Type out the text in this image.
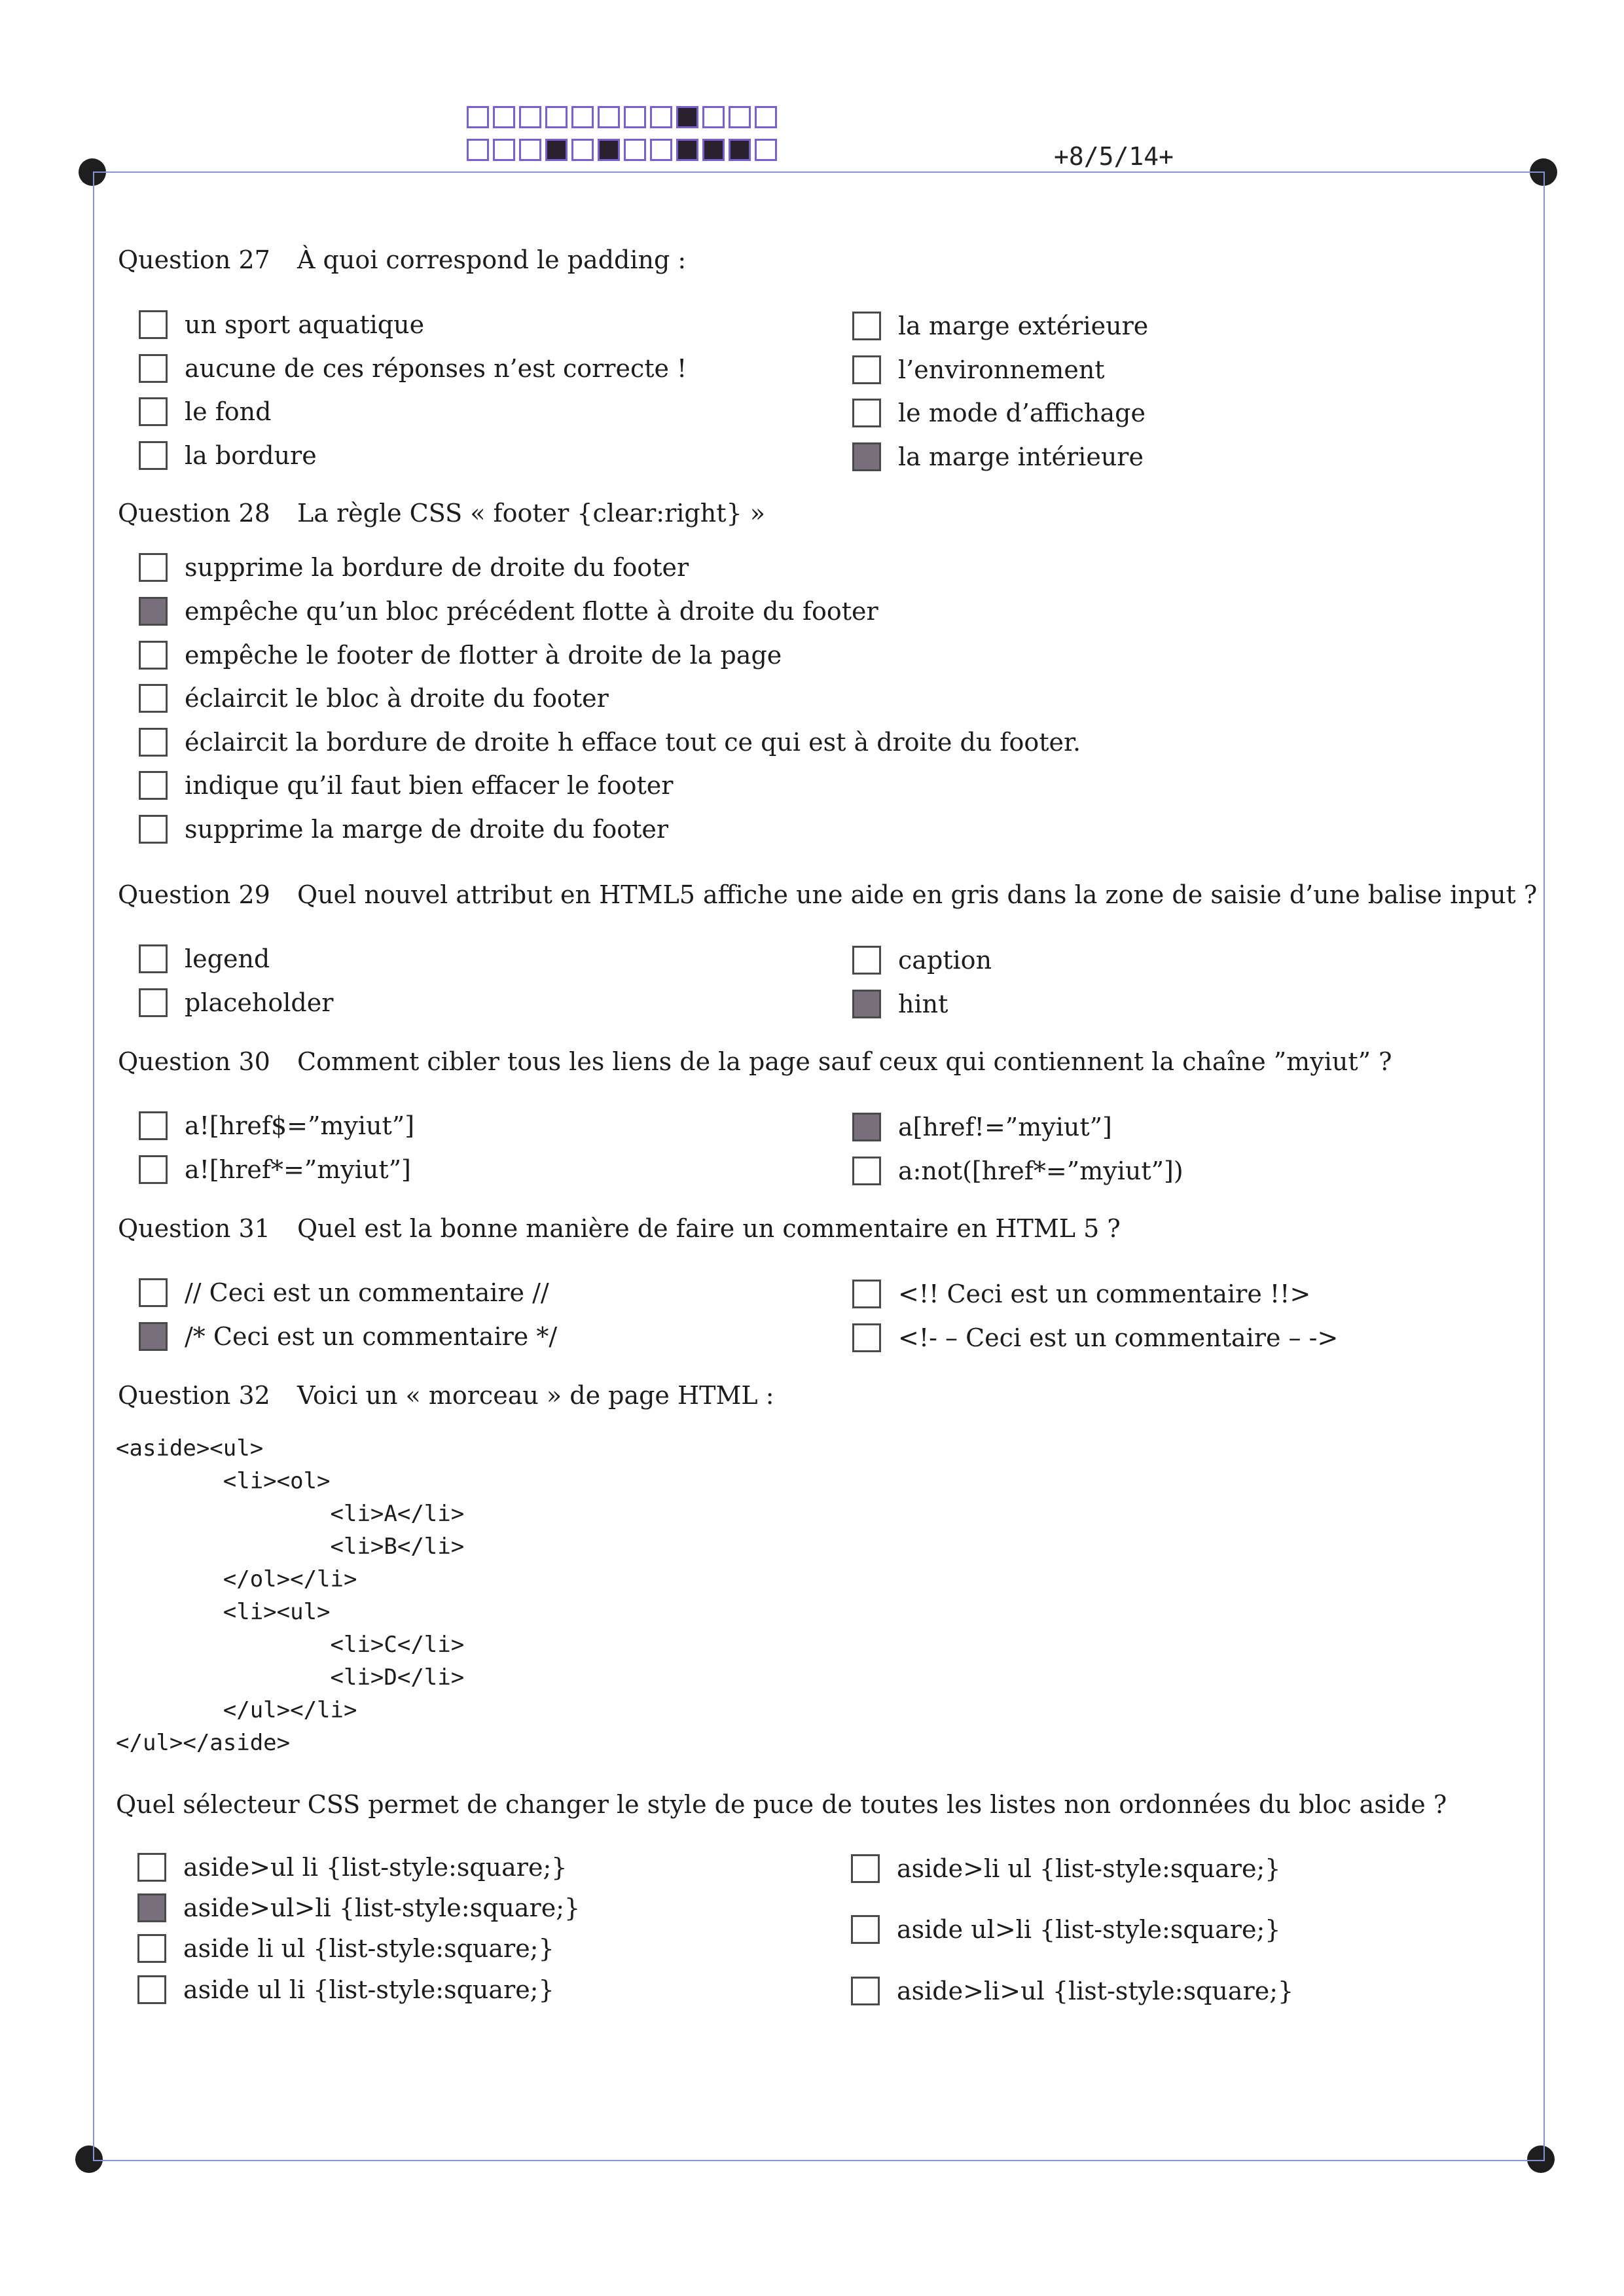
+8/5/14+
Question 27 À quoi correspond le padding :
un sport aquatique
aucune de ces réponses n’est correcte !
le fond
la bordure
la marge extérieure
l’environnement
le mode d’affichage
la marge intérieure
Question 28 La règle CSS « footer {clear:right} »
supprime la bordure de droite du footer
empêche qu’un bloc précédent flotte à droite du footer
empêche le footer de flotter à droite de la page
éclaircit le bloc à droite du footer
éclaircit la bordure de droite h efface tout ce qui est à droite du footer.
indique qu’il faut bien effacer le footer
supprime la marge de droite du footer
Question 29 Quel nouvel attribut en HTML5 affiche une aide en gris dans la zone de saisie d’une balise input ?
legend
placeholder
caption
hint
Question 30 Comment cibler tous les liens de la page sauf ceux qui contiennent la chaîne ”myiut” ?
a![href$=”myiut”]
a![href*=”myiut”]
a[href!=”myiut”]
a:not([href*=”myiut”])
Question 31 Quel est la bonne manière de faire un commentaire en HTML 5 ?
// Ceci est un commentaire //
/* Ceci est un commentaire */
<!! Ceci est un commentaire !!>
<!- – Ceci est un commentaire – ->
Question 32 Voici un « morceau » de page HTML :
<aside><ul>
<li><ol>
<li>A</li>
<li>B</li>
</ol></li>
<li><ul>
<li>C</li>
<li>D</li>
</ul></li>
</ul></aside>
Quel sélecteur CSS permet de changer le style de puce de toutes les listes non ordonnées du bloc aside ?
aside>ul li {list-style:square;}
aside>ul>li {list-style:square;}
aside li ul {list-style:square;}
aside ul li {list-style:square;}
aside>li ul {list-style:square;}
aside ul>li {list-style:square;}
aside>li>ul {list-style:square;}
